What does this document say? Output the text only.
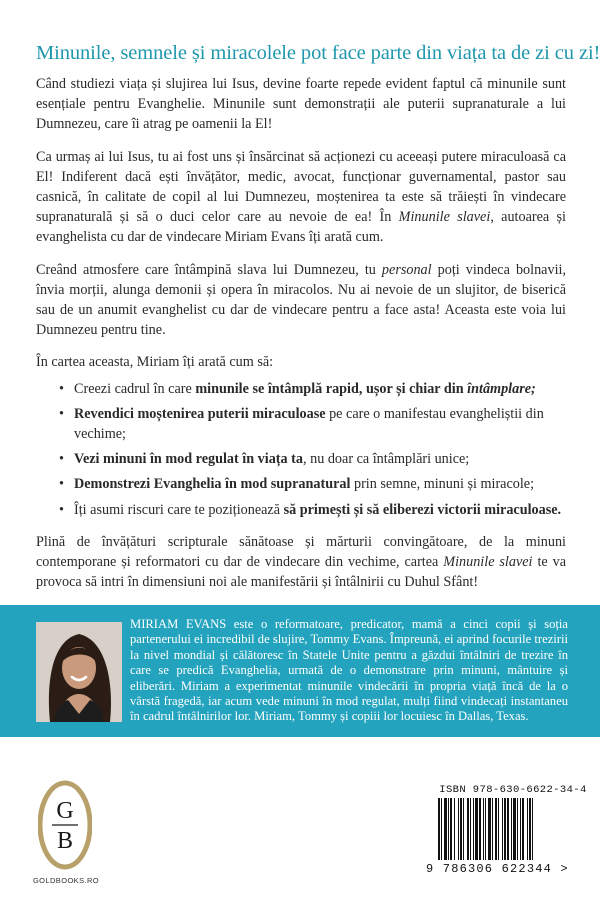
Minunile, semnele și miracolele pot face parte din viața ta de zi cu zi!

Când studiezi viața și slujirea lui Isus, devine foarte repede evident faptul că minunile sunt esențiale pentru Evanghelie. Minunile sunt demonstrații ale puterii supranaturale a lui Dumnezeu, care îi atrag pe oamenii la El!

Ca urmaș ai lui Isus, tu ai fost uns și însărcinat să acționezi cu aceeași putere miraculoasă ca El! Indiferent dacă ești învățător, medic, avocat, funcționar guvernamental, pastor sau casnică, în calitate de copil al lui Dumnezeu, moștenirea ta este să trăiești în vindecare supranaturală și să o duci celor care au nevoie de ea! În Minunile slavei, autoarea și evanghelista cu dar de vindecare Miriam Evans îți arată cum.

Creând atmosfere care întâmpină slava lui Dumnezeu, tu personal poți vindeca bolnavii, învia morții, alunga demonii și opera în miracolos. Nu ai nevoie de un slujitor, de biserică sau de un anumit evanghelist cu dar de vindecare pentru a face asta! Aceasta este voia lui Dumnezeu pentru tine.

În cartea aceasta, Miriam îți arată cum să:

• Creezi cadrul în care minunile se întâmplă rapid, ușor și chiar din întâmplare;
• Revendici moștenirea puterii miraculoase pe care o manifestau evangheliștii din vechime;
• Vezi minuni în mod regulat în viața ta, nu doar ca întâmplări unice;
• Demonstrezi Evanghelia în mod supranatural prin semne, minuni și miracole;
• Îți asumi riscuri care te poziționează să primești și să eliberezi victorii miraculoase.

Plină de învățături scripturale sănătoase și mărturii convingătoare, de la minuni contemporane și reformatori cu dar de vindecare din vechime, cartea Minunile slavei te va provoca să intri în dimensiuni noi ale manifestării și întâlnirii cu Duhul Sfânt!

MIRIAM EVANS este o reformatoare, predicator, mamă a cinci copii și soția partenerului ei incredibil de slujire, Tommy Evans. Împreună, ei aprind focurile trezirii la nivel mondial și călătoresc în Statele Unite pentru a găzdui întâlniri de trezire în care se predică Evanghelia, urmată de o demonstrare prin minuni, mântuire și eliberări. Miriam a experimentat minunile vindecării în propria viață încă de la o vârstă fragedă, iar acum vede minuni în mod regulat, mulți fiind vindecați instantaneu în cadrul întâlnirilor lor. Miriam, Tommy și copiii lor locuiesc în Dallas, Texas.
G
B
GOLDBOOKS.RO
ISBN 978-630-6622-34-4
9 786306 622344 >
